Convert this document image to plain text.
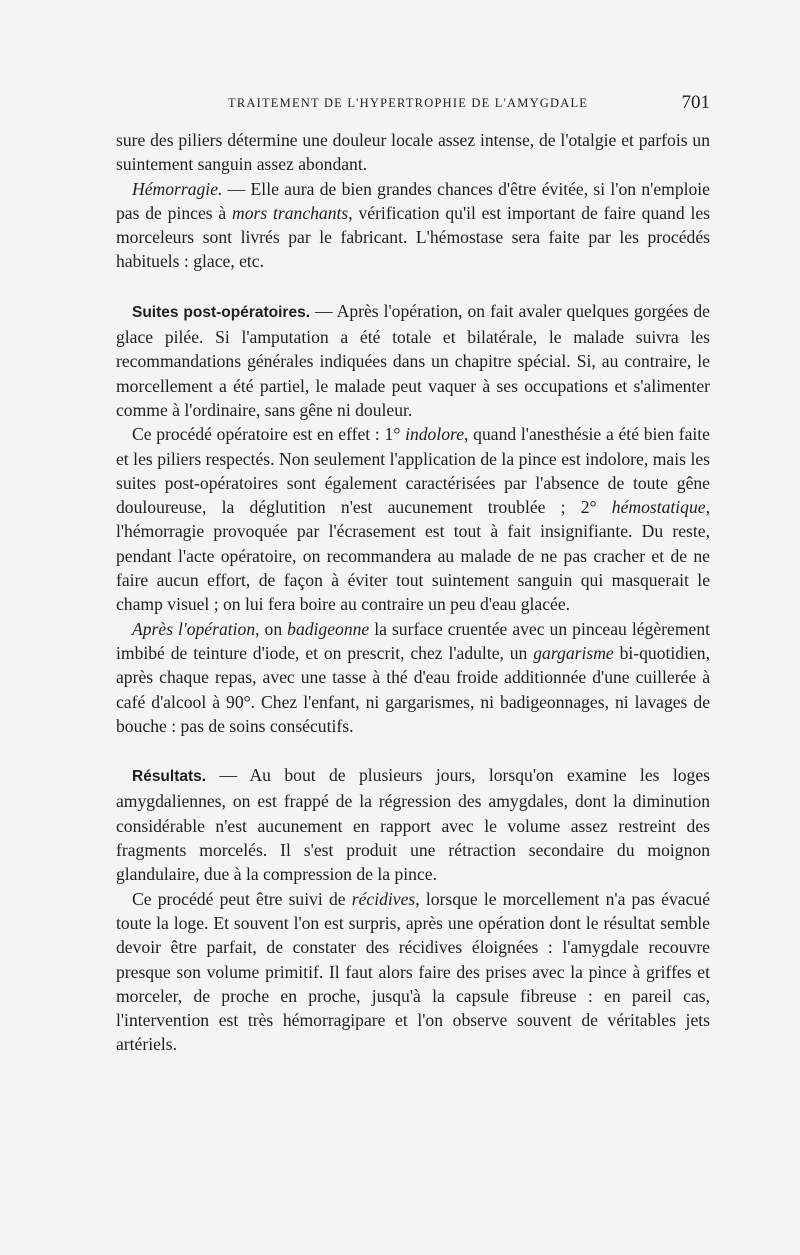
TRAITEMENT DE L'HYPERTROPHIE DE L'AMYGDALE	701

sure des piliers détermine une douleur locale assez intense, de l'otalgie et parfois un suintement sanguin assez abondant.

Hémorragie. — Elle aura de bien grandes chances d'être évitée, si l'on n'emploie pas de pinces à mors tranchants, vérification qu'il est important de faire quand les morceleurs sont livrés par le fabricant. L'hémostase sera faite par les procédés habituels : glace, etc.

Suites post-opératoires. — Après l'opération, on fait avaler quelques gorgées de glace pilée. Si l'amputation a été totale et bilatérale, le malade suivra les recommandations générales indiquées dans un chapitre spécial. Si, au contraire, le morcellement a été partiel, le malade peut vaquer à ses occupations et s'alimenter comme à l'ordinaire, sans gêne ni douleur.

Ce procédé opératoire est en effet : 1° indolore, quand l'anesthésie a été bien faite et les piliers respectés. Non seulement l'application de la pince est indolore, mais les suites post-opératoires sont également caractérisées par l'absence de toute gêne douloureuse, la déglutition n'est aucunement troublée ; 2° hémostatique, l'hémorragie provoquée par l'écrasement est tout à fait insignifiante. Du reste, pendant l'acte opératoire, on recommandera au malade de ne pas cracher et de ne faire aucun effort, de façon à éviter tout suintement sanguin qui masquerait le champ visuel ; on lui fera boire au contraire un peu d'eau glacée.

Après l'opération, on badigeonne la surface cruentée avec un pinceau légèrement imbibé de teinture d'iode, et on prescrit, chez l'adulte, un gargarisme bi-quotidien, après chaque repas, avec une tasse à thé d'eau froide additionnée d'une cuillerée à café d'alcool à 90°. Chez l'enfant, ni gargarismes, ni badigeonnages, ni lavages de bouche : pas de soins consécutifs.

Résultats. — Au bout de plusieurs jours, lorsqu'on examine les loges amygdaliennes, on est frappé de la régression des amygdales, dont la diminution considérable n'est aucunement en rapport avec le volume assez restreint des fragments morcelés. Il s'est produit une rétraction secondaire du moignon glandulaire, due à la compression de la pince.

Ce procédé peut être suivi de récidives, lorsque le morcellement n'a pas évacué toute la loge. Et souvent l'on est surpris, après une opération dont le résultat semble devoir être parfait, de constater des récidives éloignées : l'amygdale recouvre presque son volume primitif. Il faut alors faire des prises avec la pince à griffes et morceler, de proche en proche, jusqu'à la capsule fibreuse : en pareil cas, l'intervention est très hémorragipare et l'on observe souvent de véritables jets artériels.
